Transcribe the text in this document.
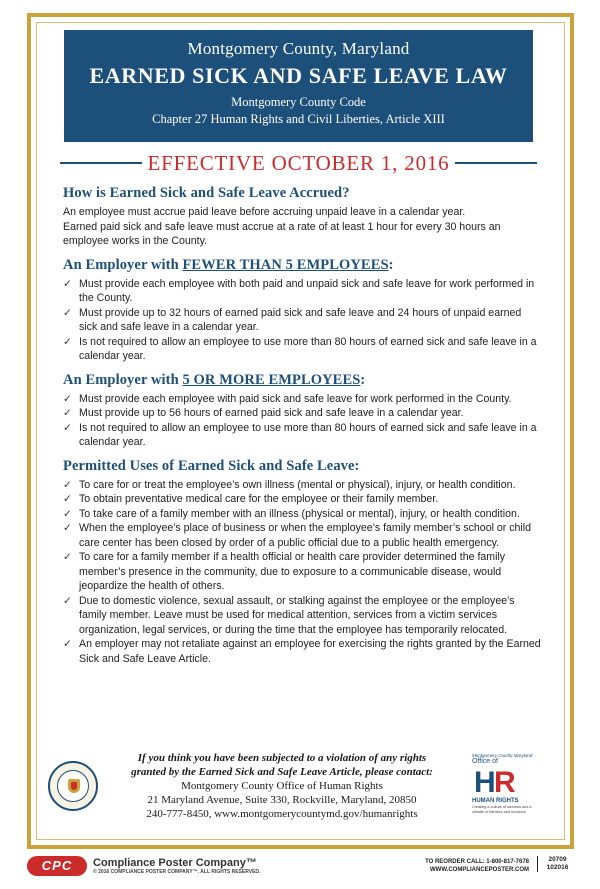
Montgomery County, Maryland
EARNED SICK AND SAFE LEAVE LAW
Montgomery County Code
Chapter 27 Human Rights and Civil Liberties, Article XIII
EFFECTIVE OCTOBER 1, 2016
How is Earned Sick and Safe Leave Accrued?
An employee must accrue paid leave before accruing unpaid leave in a calendar year.
Earned paid sick and safe leave must accrue at a rate of at least 1 hour for every 30 hours an employee works in the County.
An Employer with FEWER THAN 5 EMPLOYEES:
✓ Must provide each employee with both paid and unpaid sick and safe leave for work performed in the County.
✓ Must provide up to 32 hours of earned paid sick and safe leave and 24 hours of unpaid earned sick and safe leave in a calendar year.
✓ Is not required to allow an employee to use more than 80 hours of earned sick and safe leave in a calendar year.
An Employer with 5 OR MORE EMPLOYEES:
✓ Must provide each employee with paid sick and safe leave for work performed in the County.
✓ Must provide up to 56 hours of earned paid sick and safe leave in a calendar year.
✓ Is not required to allow an employee to use more than 80 hours of earned sick and safe leave in a calendar year.
Permitted Uses of Earned Sick and Safe Leave:
✓ To care for or treat the employee’s own illness (mental or physical), injury, or health condition.
✓ To obtain preventative medical care for the employee or their family member.
✓ To take care of a family member with an illness (physical or mental), injury, or health condition.
✓ When the employee’s place of business or when the employee’s family member’s school or child care center has been closed by order of a public official due to a public health emergency.
✓ To care for a family member if a health official or health care provider determined the family member’s presence in the community, due to exposure to a communicable disease, would jeopardize the health of others.
✓ Due to domestic violence, sexual assault, or stalking against the employee or the employee’s family member. Leave must be used for medical attention, services from a victim services organization, legal services, or during the time that the employee has temporarily relocated.
✓ An employer may not retaliate against an employee for exercising the rights granted by the Earned Sick and Safe Leave Article.
If you think you have been subjected to a violation of any rights
granted by the Earned Sick and Safe Leave Article, please contact:
Montgomery County Office of Human Rights
21 Maryland Avenue, Suite 330, Rockville, Maryland, 20850
240-777-8450, www.montgomerycountymd.gov/humanrights
Montgomery County Maryland
Office of
H
R
HUMAN RIGHTS
Creating a culture of success and a climate of fairness and inclusion
CPC	Compliance Poster Company™
© 2016 COMPLIANCE POSTER COMPANY™. ALL RIGHTS RESERVED.
TO REORDER CALL: 1-800-817-7678
WWW.COMPLIANCEPOSTER.COM
20709
102016
